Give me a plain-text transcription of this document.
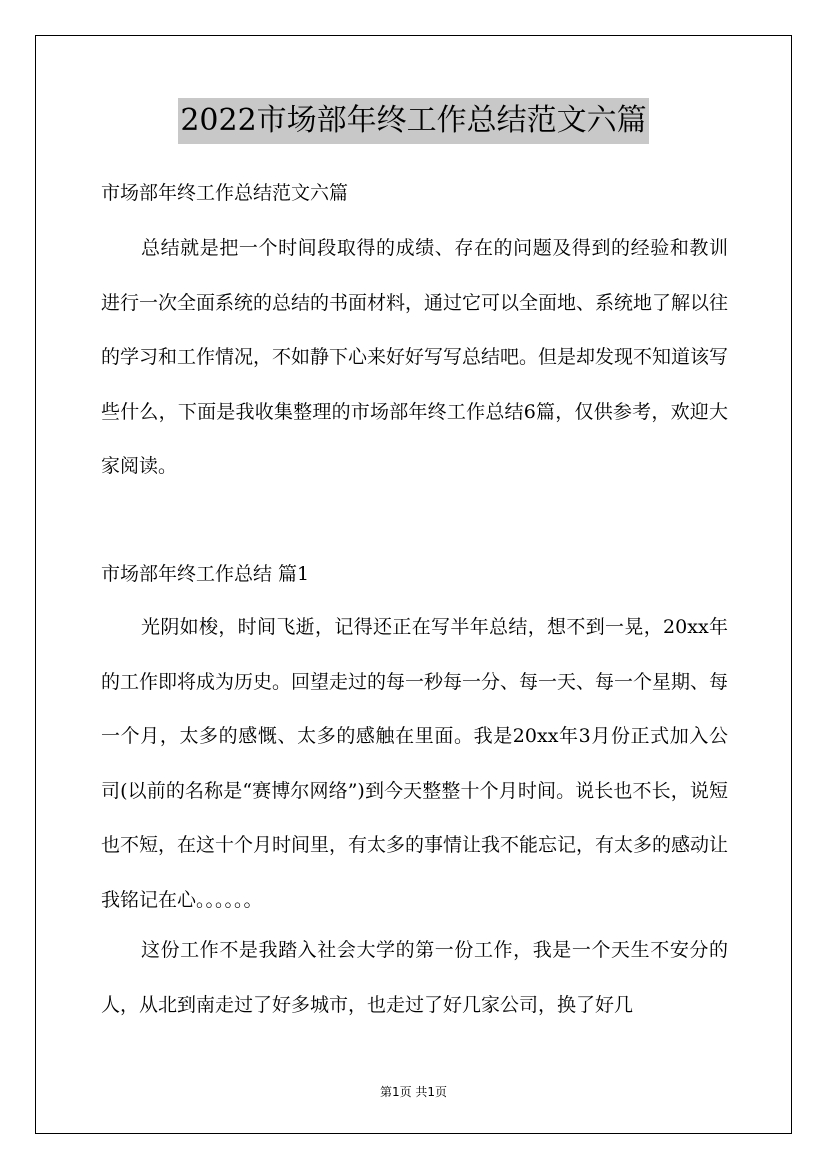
2022市场部年终工作总结范文六篇

市场部年终工作总结范文六篇

总结就是把一个时间段取得的成绩、存在的问题及得到的经验和教训进行一次全面系统的总结的书面材料，通过它可以全面地、系统地了解以往的学习和工作情况，不如静下心来好好写写总结吧。但是却发现不知道该写些什么，下面是我收集整理的市场部年终工作总结6篇，仅供参考，欢迎大家阅读。

市场部年终工作总结 篇1

光阴如梭，时间飞逝，记得还正在写半年总结，想不到一晃，20xx年的工作即将成为历史。回望走过的每一秒每一分、每一天、每一个星期、每一个月，太多的感慨、太多的感触在里面。我是20xx年3月份正式加入公司(以前的名称是“赛博尔网络”)到今天整整十个月时间。说长也不长，说短也不短，在这十个月时间里，有太多的事情让我不能忘记，有太多的感动让我铭记在心。。。。。。

这份工作不是我踏入社会大学的第一份工作，我是一个天生不安分的人，从北到南走过了好多城市，也走过了好几家公司，换了好几

第1页 共1页
